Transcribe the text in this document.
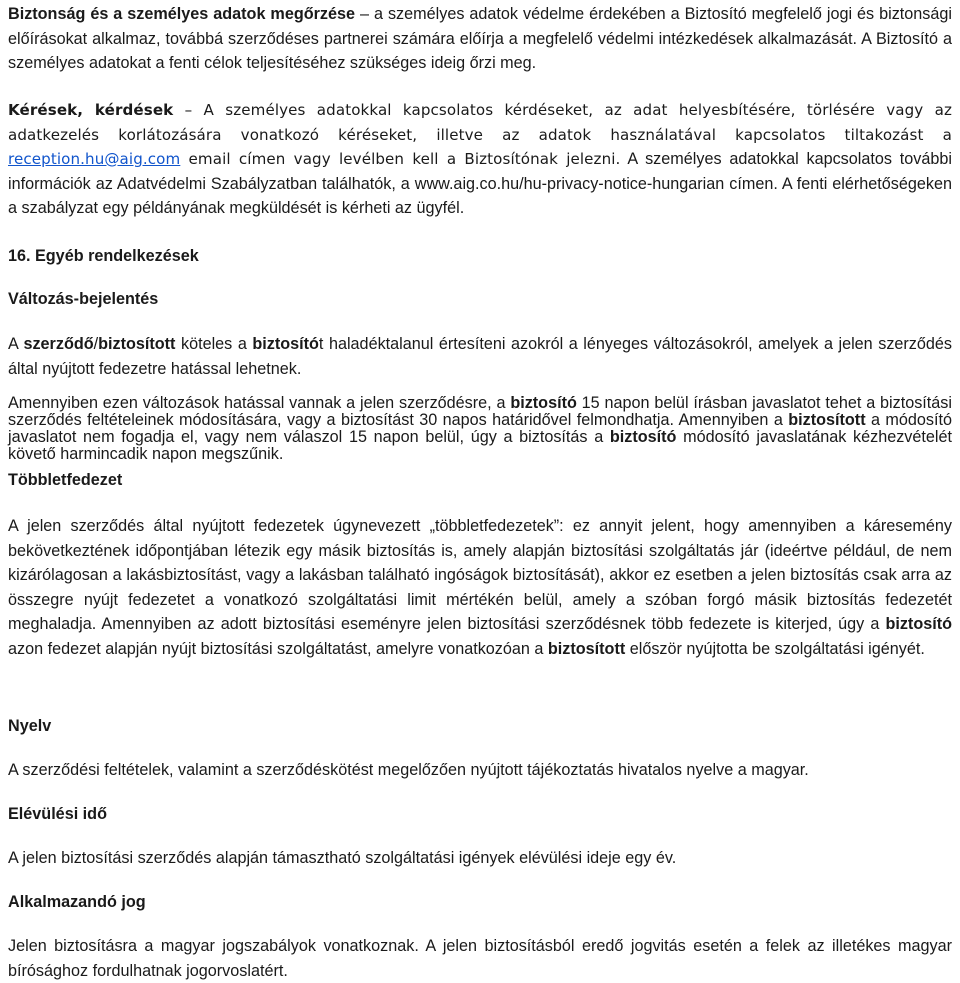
Biztonság és a személyes adatok megőrzése – a személyes adatok védelme érdekében a Biztosító megfelelő jogi és biztonsági előírásokat alkalmaz, továbbá szerződéses partnerei számára előírja a megfelelő védelmi intézkedések alkalmazását. A Biztosító a személyes adatokat a fenti célok teljesítéséhez szükséges ideig őrzi meg.

Kérések, kérdések – A személyes adatokkal kapcsolatos kérdéseket, az adat helyesbítésére, törlésére vagy az adatkezelés korlátozására vonatkozó kéréseket, illetve az adatok használatával kapcsolatos tiltakozást a reception.hu@aig.com email címen vagy levélben kell a Biztosítónak jelezni. A személyes adatokkal kapcsolatos további információk az Adatvédelmi Szabályzatban találhatók, a www.aig.co.hu/hu-privacy-notice-hungarian címen. A fenti elérhetőségeken a szabályzat egy példányának megküldését is kérheti az ügyfél.

16. Egyéb rendelkezések
Változás-bejelentés

A szerződő/biztosított köteles a biztosítót haladéktalanul értesíteni azokról a lényeges változásokról, amelyek a jelen szerződés által nyújtott fedezetre hatással lehetnek.

Amennyiben ezen változások hatással vannak a jelen szerződésre, a biztosító 15 napon belül írásban javaslatot tehet a biztosítási szerződés feltételeinek módosítására, vagy a biztosítást 30 napos határidővel felmondhatja. Amennyiben a biztosított a módosító javaslatot nem fogadja el, vagy nem válaszol 15 napon belül, úgy a biztosítás a biztosító módosító javaslatának kézhezvételét követő harmincadik napon megszűnik.

Többletfedezet

A jelen szerződés által nyújtott fedezetek úgynevezett „többletfedezetek”: ez annyit jelent, hogy amennyiben a káresemény bekövetkeztének időpontjában létezik egy másik biztosítás is, amely alapján biztosítási szolgáltatás jár (ideértve például, de nem kizárólagosan a lakásbiztosítást, vagy a lakásban található ingóságok biztosítását), akkor ez esetben a jelen biztosítás csak arra az összegre nyújt fedezetet a vonatkozó szolgáltatási limit mértékén belül, amely a szóban forgó másik biztosítás fedezetét meghaladja. Amennyiben az adott biztosítási eseményre jelen biztosítási szerződésnek több fedezete is kiterjed, úgy a biztosító azon fedezet alapján nyújt biztosítási szolgáltatást, amelyre vonatkozóan a biztosított először nyújtotta be szolgáltatási igényét.

Nyelv

A szerződési feltételek, valamint a szerződéskötést megelőzően nyújtott tájékoztatás hivatalos nyelve a magyar.

Elévülési idő

A jelen biztosítási szerződés alapján támasztható szolgáltatási igények elévülési ideje egy év.

Alkalmazandó jog

Jelen biztosításra a magyar jogszabályok vonatkoznak. A jelen biztosításból eredő jogvitás esetén a felek az illetékes magyar bírósághoz fordulhatnak jogorvoslatért.
